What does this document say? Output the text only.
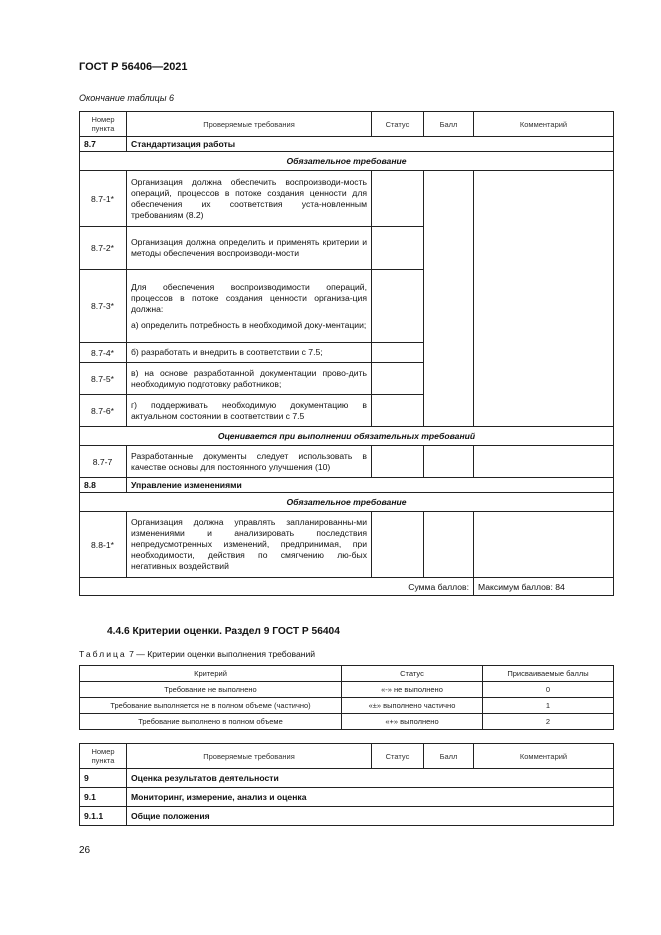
ГОСТ Р 56406—2021
Окончание таблицы 6
Номер пункта	Проверяемые требования	Статус	Балл	Комментарий
8.7	Стандартизация работы			
Обязательное требование				
8.7-1*	Организация должна обеспечить воспроизводи-мость операций, процессов в потоке создания ценности для обеспечения их соответствия уста-новленным требованиям (8.2)			
8.7-2*	Организация должна определить и применять критерии и методы обеспечения воспроизводи-мости			
8.7-3*	Для обеспечения воспроизводимости операций, процессов в потоке создания ценности организа-ция должна:

а) определить потребность в необходимой доку-ментации;			

8.7-4*	б) разработать и внедрить в соответствии с 7.5;			
8.7-5*	в) на основе разработанной документации прово-дить необходимую подготовку работников;			
8.7-6*	г) поддерживать необходимую документацию в актуальном состоянии в соответствии с 7.5			
Оценивается при выполнении обязательных требований				
8.7-7	Разработанные документы следует использовать в качестве основы для постоянного улучшения (10)			
8.8	Управление изменениями			
Обязательное требование				
8.8-1*	Организация должна управлять запланированны-ми изменениями и анализировать последствия непредусмотренных изменений, предпринимая, при необходимости, действия по смягчению лю-бых негативных воздействий			
Сумма баллов:				Максимум баллов: 84
4.4.6 Критерии оценки. Раздел 9 ГОСТ Р 56404
Таблица 7 — Критерии оценки выполнения требований
Критерий	Статус	Присваиваемые баллы
Требование не выполнено	«-» не выполнено	0
Требование выполняется не в полном объеме (частично)	«±» выполнено частично	1
Требование выполнено в полном объеме	«+» выполнено	2
Номер пункта	Проверяемые требования	Статус	Балл	Комментарий
9	Оценка результатов деятельности			
9.1	Мониторинг, измерение, анализ и оценка			
9.1.1	Общие положения			
26
